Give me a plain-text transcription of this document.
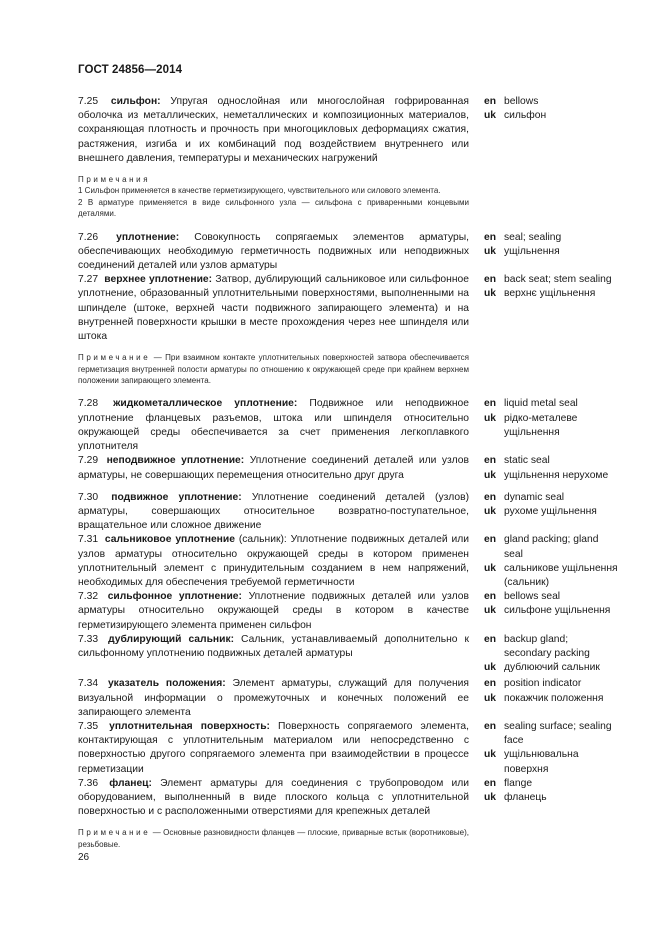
ГОСТ 24856—2014
7.25 сильфон: Упругая однослойная или многослойная гофрированная оболочка из металлических, неметаллических и композиционных материалов, сохраняющая плотность и прочность при многоцикловых деформациях сжатия, растяжения, изгиба и их комбинаций под воздействием внутреннего или внешнего давления, температуры и механических нагружений
en bellows
uk сильфон
Примечания
1 Сильфон применяется в качестве герметизирующего, чувствительного или силового элемента.
2 В арматуре применяется в виде сильфонного узла — сильфона с приваренными концевыми деталями.
7.26 уплотнение: Совокупность сопрягаемых элементов арматуры, обеспечивающих необходимую герметичность подвижных или неподвижных соединений деталей или узлов арматуры
en seal; sealing
uk ущільнення
7.27 верхнее уплотнение: Затвор, дублирующий сальниковое или сильфонное уплотнение, образованный уплотнительными поверхностями, выполненными на шпинделе (штоке, верхней части подвижного запирающего элемента) и на внутренней поверхности крышки в месте прохождения через нее шпинделя или штока
en back seat; stem sealing
uk верхнє ущільнення
Примечание — При взаимном контакте уплотнительных поверхностей затвора обеспечивается герметизация внутренней полости арматуры по отношению к окружающей среде при крайнем верхнем положении запирающего элемента.
7.28 жидкометаллическое уплотнение: Подвижное или неподвижное уплотнение фланцевых разъемов, штока или шпинделя относительно окружающей среды обеспечивается за счет применения легкоплавкого уплотнителя
en liquid metal seal
uk рідко-металеве ущільнення
7.29 неподвижное уплотнение: Уплотнение соединений деталей или узлов арматуры, не совершающих перемещения относительно друг друга
en static seal
uk ущільнення нерухоме
7.30 подвижное уплотнение: Уплотнение соединений деталей (узлов) арматуры, совершающих относительное возвратно-поступательное, вращательное или сложное движение
en dynamic seal
uk рухоме ущільнення
7.31 сальниковое уплотнение (сальник): Уплотнение подвижных деталей или узлов арматуры относительно окружающей среды в котором применен уплотнительный элемент с принудительным созданием в нем напряжений, необходимых для обеспечения требуемой герметичности
en gland packing; gland seal
uk сальникове ущільнення (сальник)
7.32 сильфонное уплотнение: Уплотнение подвижных деталей или узлов арматуры относительно окружающей среды в котором в качестве герметизирующего элемента применен сильфон
en bellows seal
uk сильфоне ущільнення
7.33 дублирующий сальник: Сальник, устанавливаемый дополнительно к сильфонному уплотнению подвижных деталей арматуры
en backup gland; secondary packing
uk дублюючий сальник
7.34 указатель положения: Элемент арматуры, служащий для получения визуальной информации о промежуточных и конечных положений ее запирающего элемента
en position indicator
uk покажчик положення
7.35 уплотнительная поверхность: Поверхность сопрягаемого элемента, контактирующая с уплотнительным материалом или непосредственно с поверхностью другого сопрягаемого элемента при взаимодействии в процессе герметизации
en sealing surface; sealing face
uk ущільнювальна поверхня
7.36 фланец: Элемент арматуры для соединения с трубопроводом или оборудованием, выполненный в виде плоского кольца с уплотнительной поверхностью и с расположенными отверстиями для крепежных деталей
en flange
uk фланець
Примечание — Основные разновидности фланцев — плоские, приварные встык (воротниковые), резьбовые.
26
